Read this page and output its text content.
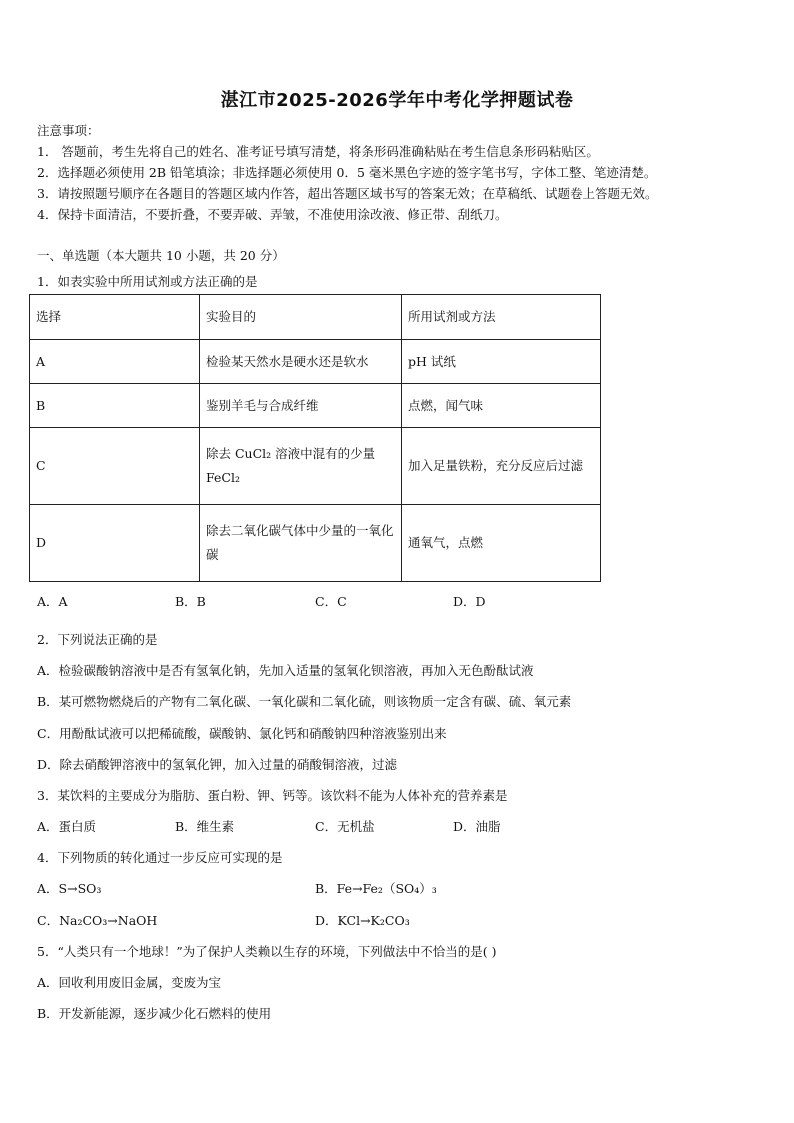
湛江市2025-2026学年中考化学押题试卷
注意事项：
1． 答题前，考生先将自己的姓名、准考证号填写清楚，将条形码准确粘贴在考生信息条形码粘贴区。
2．选择题必须使用 2B 铅笔填涂；非选择题必须使用 0．5 毫米黑色字迹的签字笔书写，字体工整、笔迹清楚。
3．请按照题号顺序在各题目的答题区域内作答，超出答题区域书写的答案无效；在草稿纸、试题卷上答题无效。
4．保持卡面清洁，不要折叠，不要弄破、弄皱，不准使用涂改液、修正带、刮纸刀。
一、单选题（本大题共 10 小题，共 20 分）
1．如表实验中所用试剂或方法正确的是
选择	实验目的	所用试剂或方法
A	检验某天然水是硬水还是软水	pH 试纸
B	鉴别羊毛与合成纤维	点燃，闻气味
C	除去 CuCl₂ 溶液中混有的少量 FeCl₂	加入足量铁粉，充分反应后过滤
D	除去二氧化碳气体中少量的一氧化碳	通氧气，点燃
A．A	B．B	C．C	D．D
2．下列说法正确的是
A．检验碳酸钠溶液中是否有氢氧化钠，先加入适量的氢氧化钡溶液，再加入无色酚酞试液
B．某可燃物燃烧后的产物有二氧化碳、一氧化碳和二氧化硫，则该物质一定含有碳、硫、氧元素
C．用酚酞试液可以把稀硫酸，碳酸钠、氯化钙和硝酸钠四种溶液鉴别出来
D．除去硝酸钾溶液中的氢氧化钾，加入过量的硝酸铜溶液，过滤
3．某饮料的主要成分为脂肪、蛋白粉、钾、钙等。该饮料不能为人体补充的营养素是
A．蛋白质	B．维生素	C．无机盐	D．油脂
4．下列物质的转化通过一步反应可实现的是
A．S→SO₃	B．Fe→Fe₂（SO₄）₃
C．Na₂CO₃→NaOH	D．KCl→K₂CO₃
5．“人类只有一个地球！”为了保护人类赖以生存的环境，下列做法中不恰当的是( )
A．回收利用废旧金属，变废为宝
B．开发新能源，逐步减少化石燃料的使用
